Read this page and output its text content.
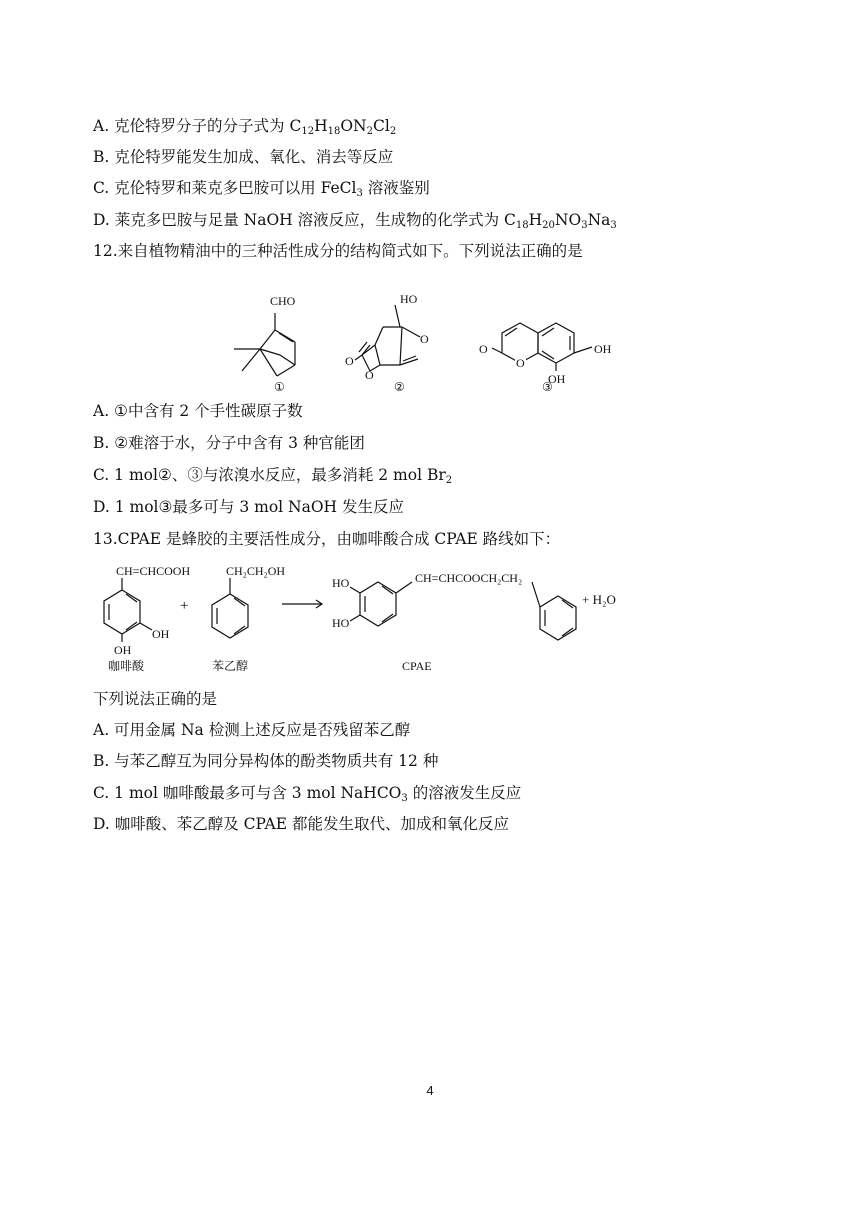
A. 克伦特罗分子的分子式为 $C_{12}H_{18}ON_2Cl_2$
B. 克伦特罗能发生加成、氧化、消去等反应
C. 克伦特罗和莱克多巴胺可以用 FeCl$_3$ 溶液鉴别
D. 莱克多巴胺与足量 NaOH 溶液反应，生成物的化学式为 $C_{18}H_{20}NO_3Na_3$
12.来自植物精油中的三种活性成分的结构简式如下。下列说法正确的是
CHO
①
HO
O
O
O
②
O
O	OH
OH
③
A. ①中含有 2 个手性碳原子数
B. ②难溶于水，分子中含有 3 种官能团
C. 1 mol②、③与浓溴水反应，最多消耗 2 mol $Br_2$
D. 1 mol③最多可与 3 mol NaOH 发生反应
13.CPAE 是蜂胶的主要活性成分，由咖啡酸合成 CPAE 路线如下：
CH=CHCOOH
OH
OH
咖啡酸
+
CH₂CH₂OH
苯乙醇
HO
HO
CH=CHCOOCH₂CH₂
+ H₂O
CPAE
下列说法正确的是
A. 可用金属 Na 检测上述反应是否残留苯乙醇
B. 与苯乙醇互为同分异构体的酚类物质共有 12 种
C. 1 mol 咖啡酸最多可与含 3 mol NaHCO$_3$ 的溶液发生反应
D. 咖啡酸、苯乙醇及 CPAE 都能发生取代、加成和氧化反应
4
